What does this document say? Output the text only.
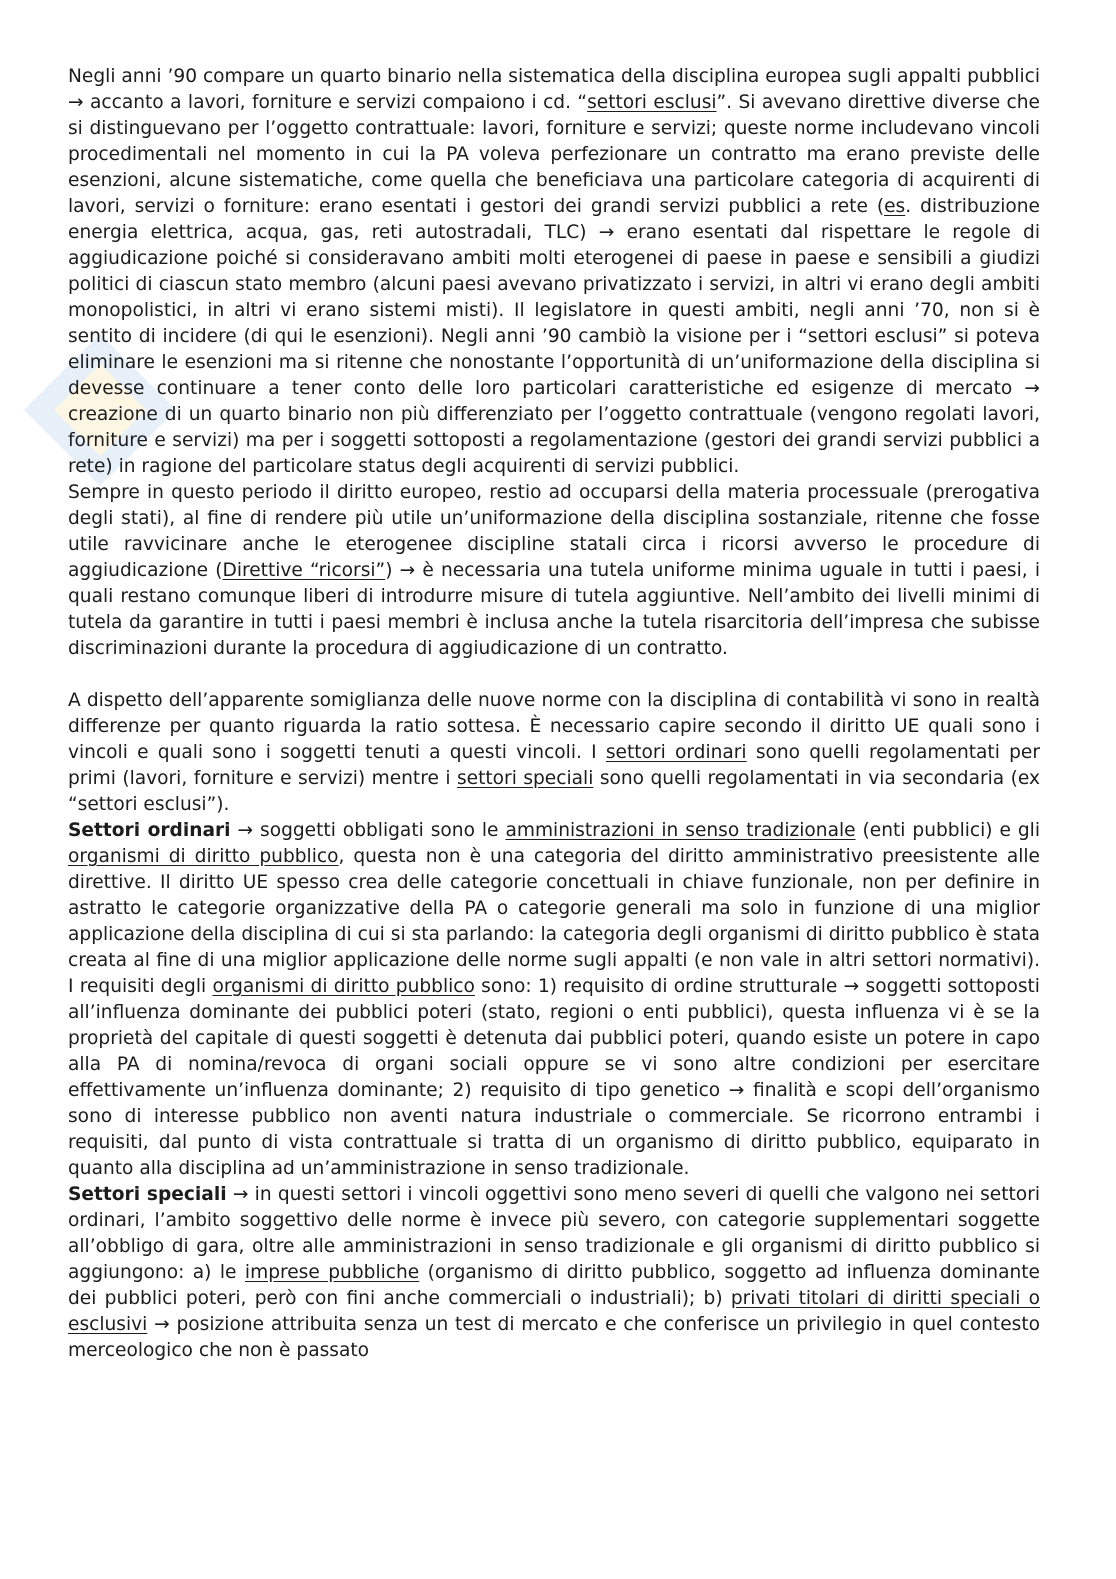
Negli anni ’90 compare un quarto binario nella sistematica della disciplina europea sugli appalti pubblici → accanto a lavori, forniture e servizi compaiono i cd. “settori esclusi”. Si avevano direttive diverse che si distinguevano per l’oggetto contrattuale: lavori, forniture e servizi; queste norme includevano vincoli procedimentali nel momento in cui la PA voleva perfezionare un contratto ma erano previste delle esenzioni, alcune sistematiche, come quella che beneficiava una particolare categoria di acquirenti di lavori, servizi o forniture: erano esentati i gestori dei grandi servizi pubblici a rete (es. distribuzione energia elettrica, acqua, gas, reti autostradali, TLC) → erano esentati dal rispettare le regole di aggiudicazione poiché si consideravano ambiti molti eterogenei di paese in paese e sensibili a giudizi politici di ciascun stato membro (alcuni paesi avevano privatizzato i servizi, in altri vi erano degli ambiti monopolistici, in altri vi erano sistemi misti). Il legislatore in questi ambiti, negli anni ’70, non si è sentito di incidere (di qui le esenzioni). Negli anni ’90 cambiò la visione per i “settori esclusi” si poteva eliminare le esenzioni ma si ritenne che nonostante l’opportunità di un’uniformazione della disciplina si devesse continuare a tener conto delle loro particolari caratteristiche ed esigenze di mercato → creazione di un quarto binario non più differenziato per l’oggetto contrattuale (vengono regolati lavori, forniture e servizi) ma per i soggetti sottoposti a regolamentazione (gestori dei grandi servizi pubblici a rete) in ragione del particolare status degli acquirenti di servizi pubblici.

Sempre in questo periodo il diritto europeo, restio ad occuparsi della materia processuale (prerogativa degli stati), al fine di rendere più utile un’uniformazione della disciplina sostanziale, ritenne che fosse utile ravvicinare anche le eterogenee discipline statali circa i ricorsi avverso le procedure di aggiudicazione (Direttive “ricorsi”) → è necessaria una tutela uniforme minima uguale in tutti i paesi, i quali restano comunque liberi di introdurre misure di tutela aggiuntive. Nell’ambito dei livelli minimi di tutela da garantire in tutti i paesi membri è inclusa anche la tutela risarcitoria dell’impresa che subisse discriminazioni durante la procedura di aggiudicazione di un contratto.

A dispetto dell’apparente somiglianza delle nuove norme con la disciplina di contabilità vi sono in realtà differenze per quanto riguarda la ratio sottesa. È necessario capire secondo il diritto UE quali sono i vincoli e quali sono i soggetti tenuti a questi vincoli. I settori ordinari sono quelli regolamentati per primi (lavori, forniture e servizi) mentre i settori speciali sono quelli regolamentati in via secondaria (ex “settori esclusi”).

Settori ordinari → soggetti obbligati sono le amministrazioni in senso tradizionale (enti pubblici) e gli organismi di diritto pubblico, questa non è una categoria del diritto amministrativo preesistente alle direttive. Il diritto UE spesso crea delle categorie concettuali in chiave funzionale, non per definire in astratto le categorie organizzative della PA o categorie generali ma solo in funzione di una miglior applicazione della disciplina di cui si sta parlando: la categoria degli organismi di diritto pubblico è stata creata al fine di una miglior applicazione delle norme sugli appalti (e non vale in altri settori normativi). I requisiti degli organismi di diritto pubblico sono: 1) requisito di ordine strutturale → soggetti sottoposti all’influenza dominante dei pubblici poteri (stato, regioni o enti pubblici), questa influenza vi è se la proprietà del capitale di questi soggetti è detenuta dai pubblici poteri, quando esiste un potere in capo alla PA di nomina/revoca di organi sociali oppure se vi sono altre condizioni per esercitare effettivamente un’influenza dominante; 2) requisito di tipo genetico → finalità e scopi dell’organismo sono di interesse pubblico non aventi natura industriale o commerciale. Se ricorrono entrambi i requisiti, dal punto di vista contrattuale si tratta di un organismo di diritto pubblico, equiparato in quanto alla disciplina ad un’amministrazione in senso tradizionale.

Settori speciali → in questi settori i vincoli oggettivi sono meno severi di quelli che valgono nei settori ordinari, l’ambito soggettivo delle norme è invece più severo, con categorie supplementari soggette all’obbligo di gara, oltre alle amministrazioni in senso tradizionale e gli organismi di diritto pubblico si aggiungono: a) le imprese pubbliche (organismo di diritto pubblico, soggetto ad influenza dominante dei pubblici poteri, però con fini anche commerciali o industriali); b) privati titolari di diritti speciali o esclusivi → posizione attribuita senza un test di mercato e che conferisce un privilegio in quel contesto merceologico che non è passato
